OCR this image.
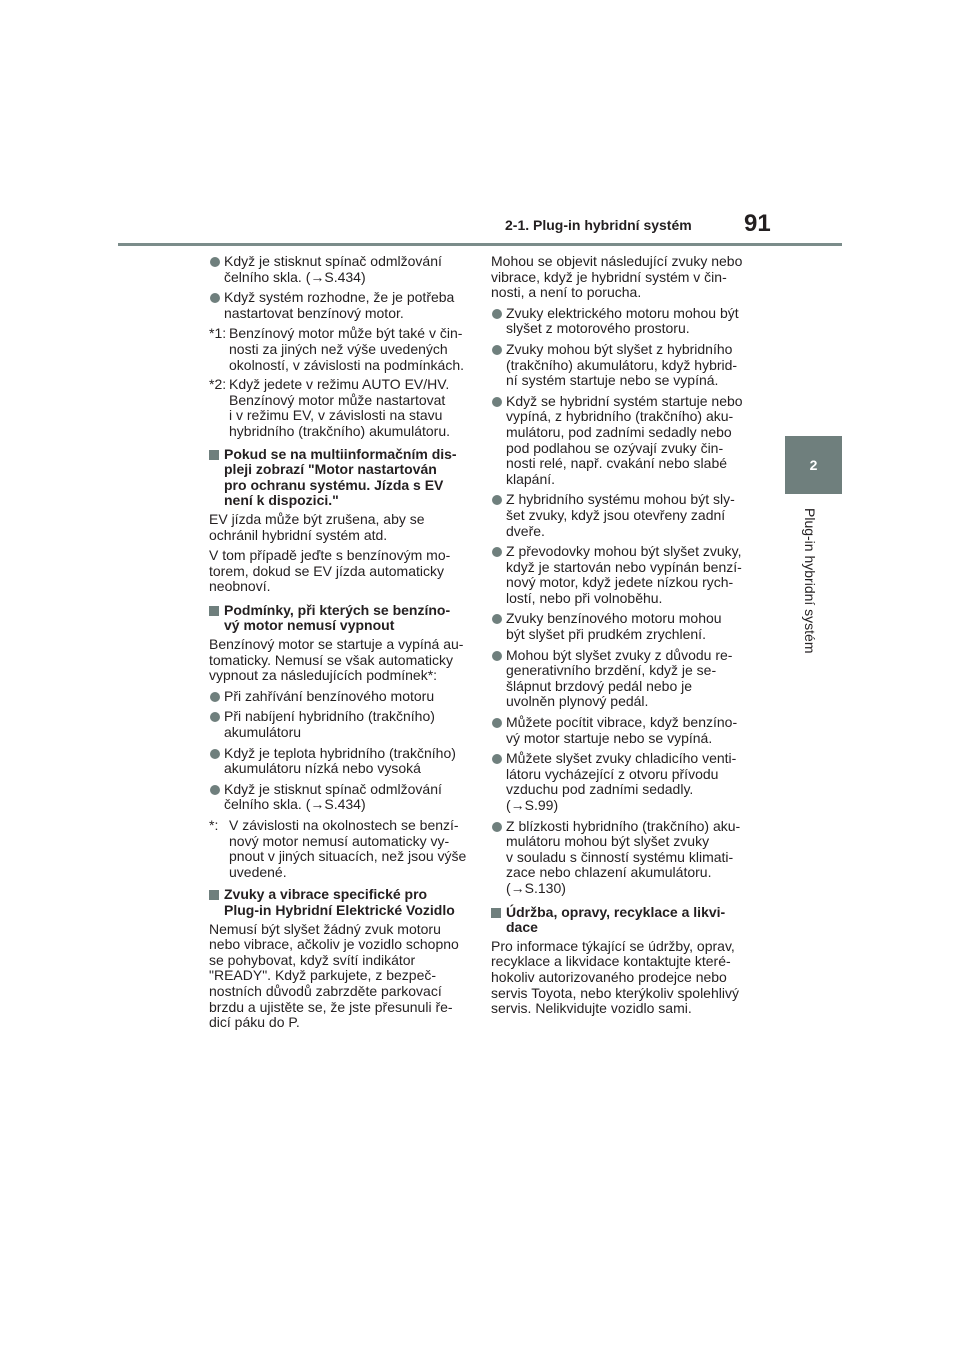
2-1. Plug-in hybridní systém 91
2
Plug-in hybridní systém
Když je stisknut spínač odmlžování
čelního skla. (→S.434)
Když systém rozhodne, že je potřeba
nastartovat benzínový motor.
*1: Benzínový motor může být také v čin-
nosti za jiných než výše uvedených
okolností, v závislosti na podmínkách.
*2: Když jedete v režimu AUTO EV/HV.
Benzínový motor může nastartovat
i v režimu EV, v závislosti na stavu
hybridního (trakčního) akumulátoru.
Pokud se na multiinformačním dis-
pleji zobrazí "Motor nastartován
pro ochranu systému. Jízda s EV
není k dispozici."
EV jízda může být zrušena, aby se
ochránil hybridní systém atd.
V tom případě jeďte s benzínovým mo-
torem, dokud se EV jízda automaticky
neobnoví.
Podmínky, při kterých se benzíno-
vý motor nemusí vypnout
Benzínový motor se startuje a vypíná au-
tomaticky. Nemusí se však automaticky
vypnout za následujících podmínek*:
Při zahřívání benzínového motoru
Při nabíjení hybridního (trakčního)
akumulátoru
Když je teplota hybridního (trakčního)
akumulátoru nízká nebo vysoká
Když je stisknut spínač odmlžování
čelního skla. (→S.434)
*: V závislosti na okolnostech se benzí-
nový motor nemusí automaticky vy-
pnout v jiných situacích, než jsou výše
uvedené.
Zvuky a vibrace specifické pro
Plug-in Hybridní Elektrické Vozidlo
Nemusí být slyšet žádný zvuk motoru
nebo vibrace, ačkoliv je vozidlo schopno
se pohybovat, když svítí indikátor
"READY". Když parkujete, z bezpeč-
nostních důvodů zabrzděte parkovací
brzdu a ujistěte se, že jste přesunuli ře-
dicí páku do P.
Mohou se objevit následující zvuky nebo
vibrace, když je hybridní systém v čin-
nosti, a není to porucha.
Zvuky elektrického motoru mohou být
slyšet z motorového prostoru.
Zvuky mohou být slyšet z hybridního
(trakčního) akumulátoru, když hybrid-
ní systém startuje nebo se vypíná.
Když se hybridní systém startuje nebo
vypíná, z hybridního (trakčního) aku-
mulátoru, pod zadními sedadly nebo
pod podlahou se ozývají zvuky čin-
nosti relé, např. cvakání nebo slabé
klapání.
Z hybridního systému mohou být sly-
šet zvuky, když jsou otevřeny zadní
dveře.
Z převodovky mohou být slyšet zvuky,
když je startován nebo vypínán benzí-
nový motor, když jedete nízkou rych-
lostí, nebo při volnoběhu.
Zvuky benzínového motoru mohou
být slyšet při prudkém zrychlení.
Mohou být slyšet zvuky z důvodu re-
generativního brzdění, když je se-
šlápnut brzdový pedál nebo je
uvolněn plynový pedál.
Můžete pocítit vibrace, když benzíno-
vý motor startuje nebo se vypíná.
Můžete slyšet zvuky chladicího venti-
látoru vycházející z otvoru přívodu
vzduchu pod zadními sedadly.
(→S.99)
Z blízkosti hybridního (trakčního) aku-
mulátoru mohou být slyšet zvuky
v souladu s činností systému klimati-
zace nebo chlazení akumulátoru.
(→S.130)
Údržba, opravy, recyklace a likvi-
dace
Pro informace týkající se údržby, oprav,
recyklace a likvidace kontaktujte které-
hokoliv autorizovaného prodejce nebo
servis Toyota, nebo kterýkoliv spolehlivý
servis. Nelikvidujte vozidlo sami.
